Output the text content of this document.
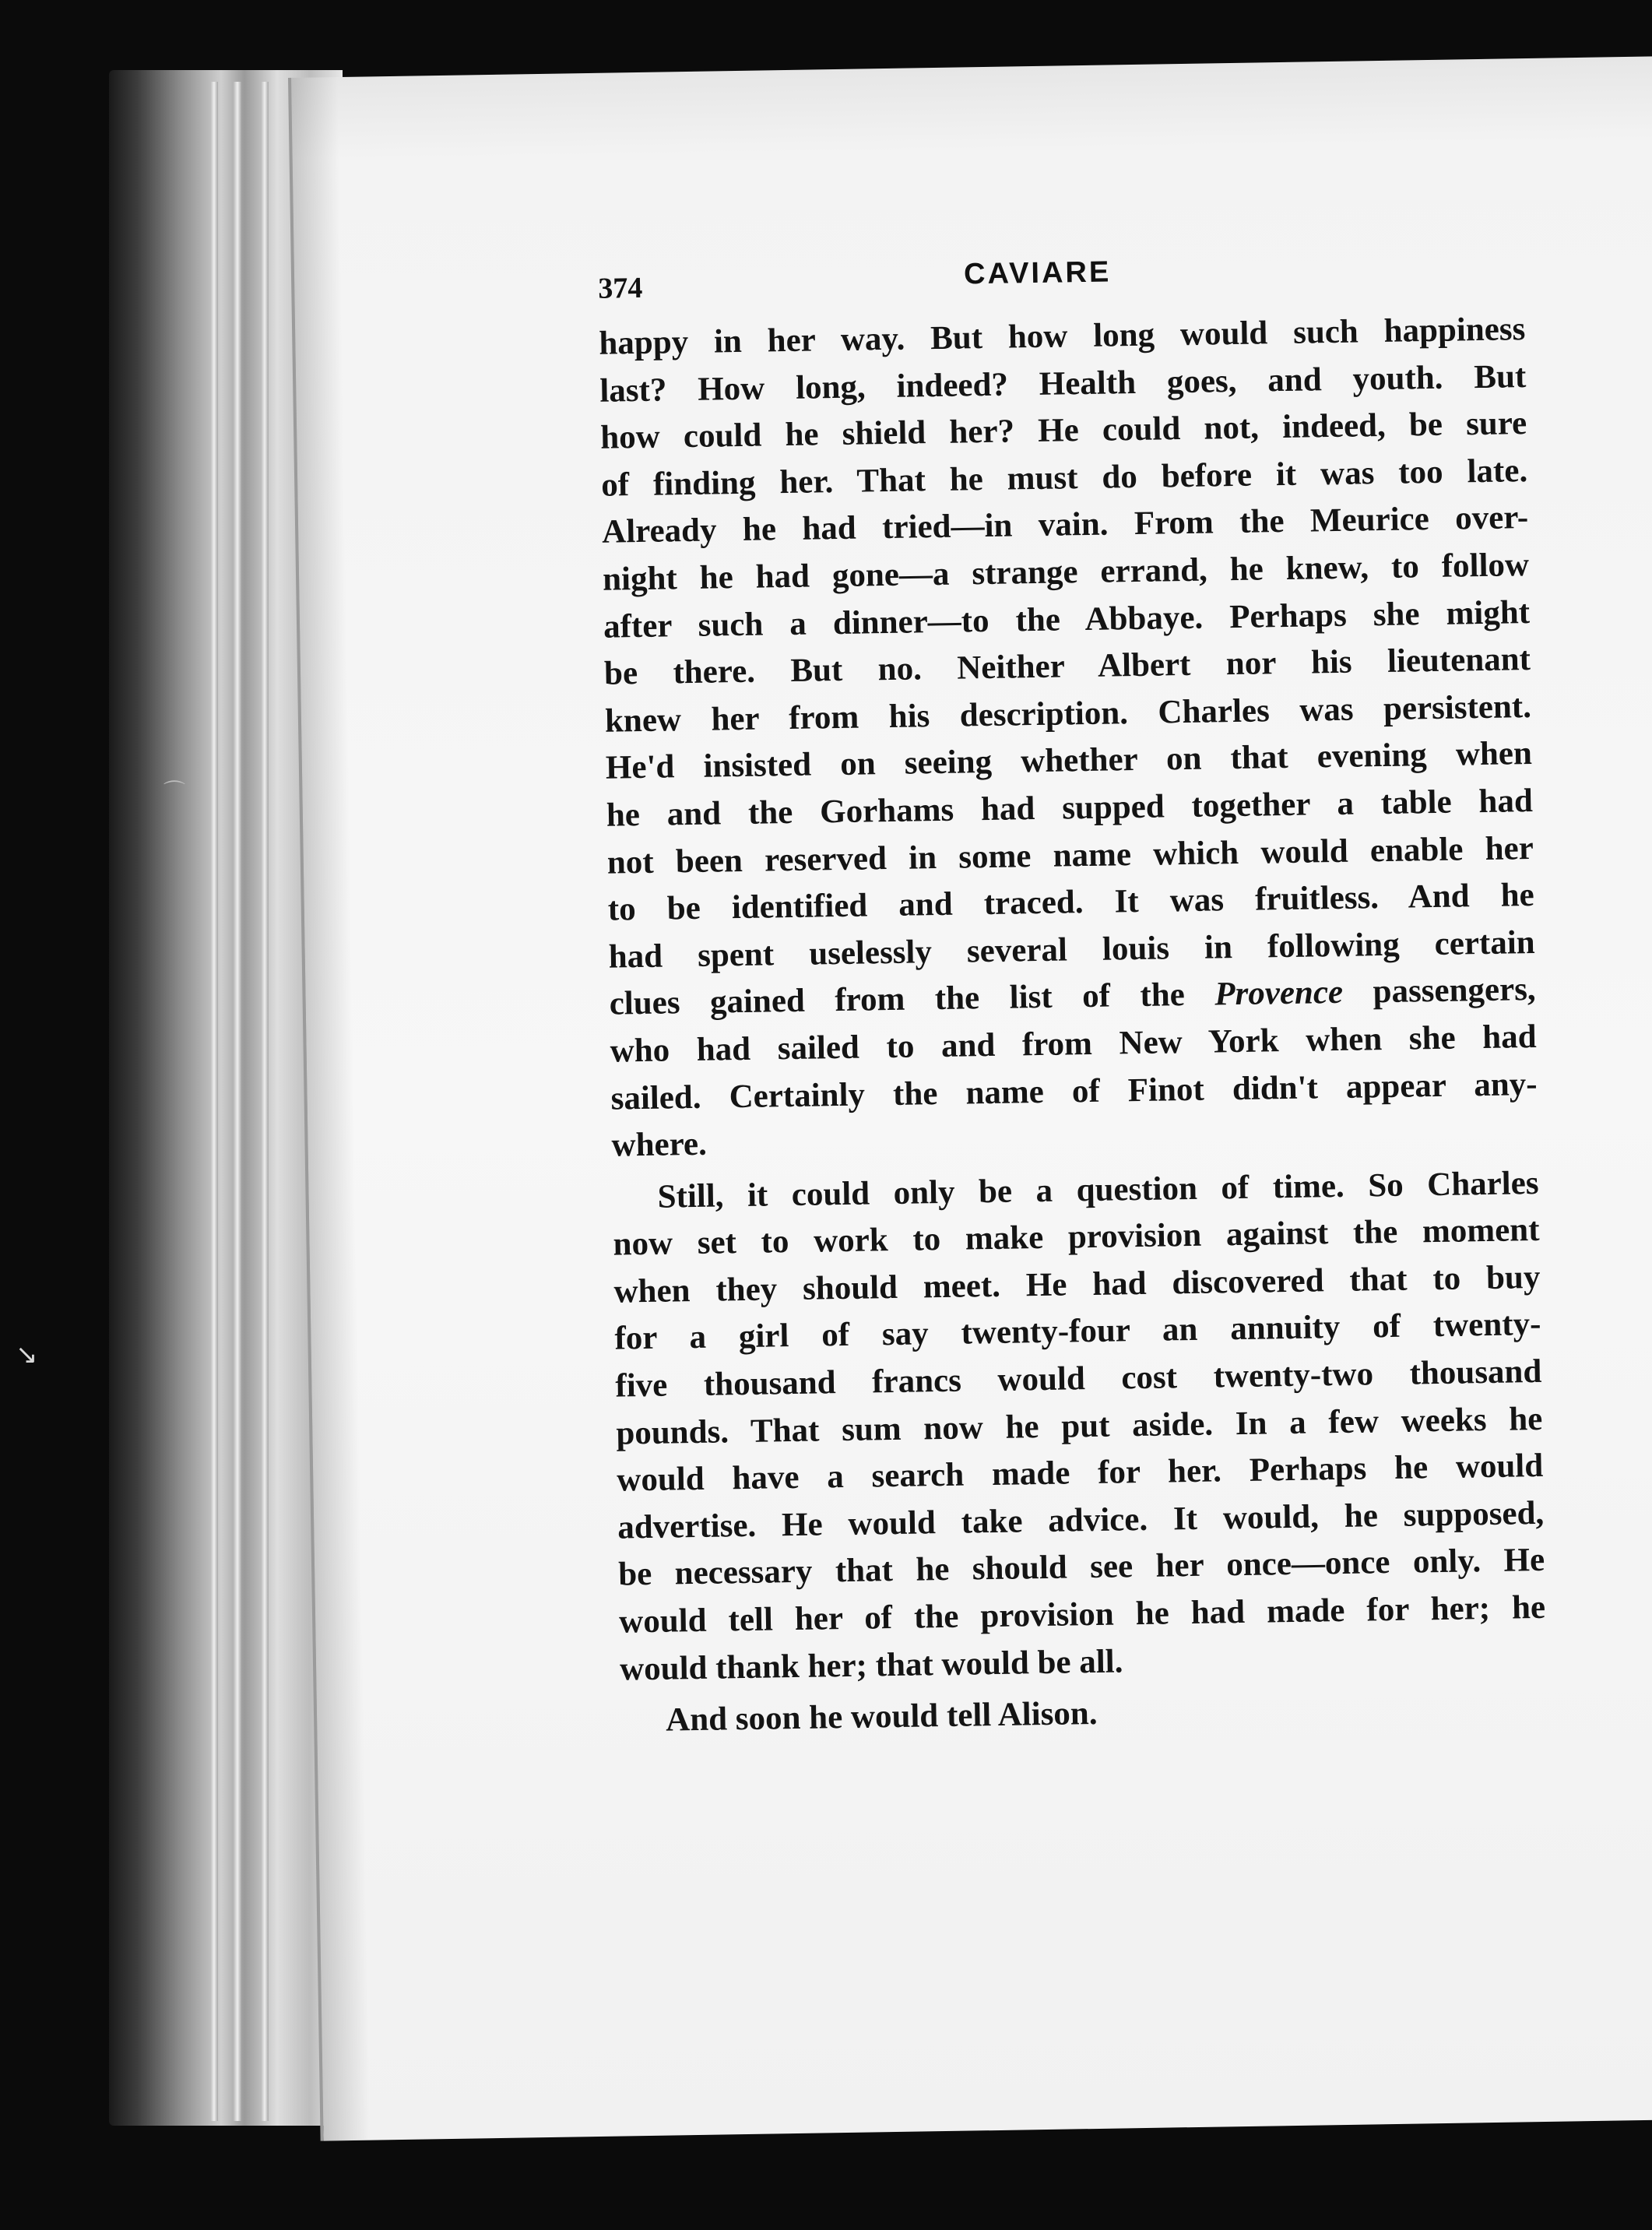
374	CAVIARE
happy in her way. But how long would such happiness
last? How long, indeed? Health goes, and youth. But
how could he shield her? He could not, indeed, be sure
of finding her. That he must do before it was too late.
Already he had tried—in vain. From the Meurice over-
night he had gone—a strange errand, he knew, to follow
after such a dinner—to the Abbaye. Perhaps she might
be there. But no. Neither Albert nor his lieutenant
knew her from his description. Charles was persistent.
He'd insisted on seeing whether on that evening when
he and the Gorhams had supped together a table had
not been reserved in some name which would enable her
to be identified and traced. It was fruitless. And he
had spent uselessly several louis in following certain
clues gained from the list of the Provence passengers,
who had sailed to and from New York when she had
sailed. Certainly the name of Finot didn't appear any-
where.
Still, it could only be a question of time. So Charles
now set to work to make provision against the moment
when they should meet. He had discovered that to buy
for a girl of say twenty-four an annuity of twenty-
five thousand francs would cost twenty-two thousand
pounds. That sum now he put aside. In a few weeks he
would have a search made for her. Perhaps he would
advertise. He would take advice. It would, he supposed,
be necessary that he should see her once—once only. He
would tell her of the provision he had made for her; he
would thank her; that would be all.
And soon he would tell Alison.
↘
⌒
